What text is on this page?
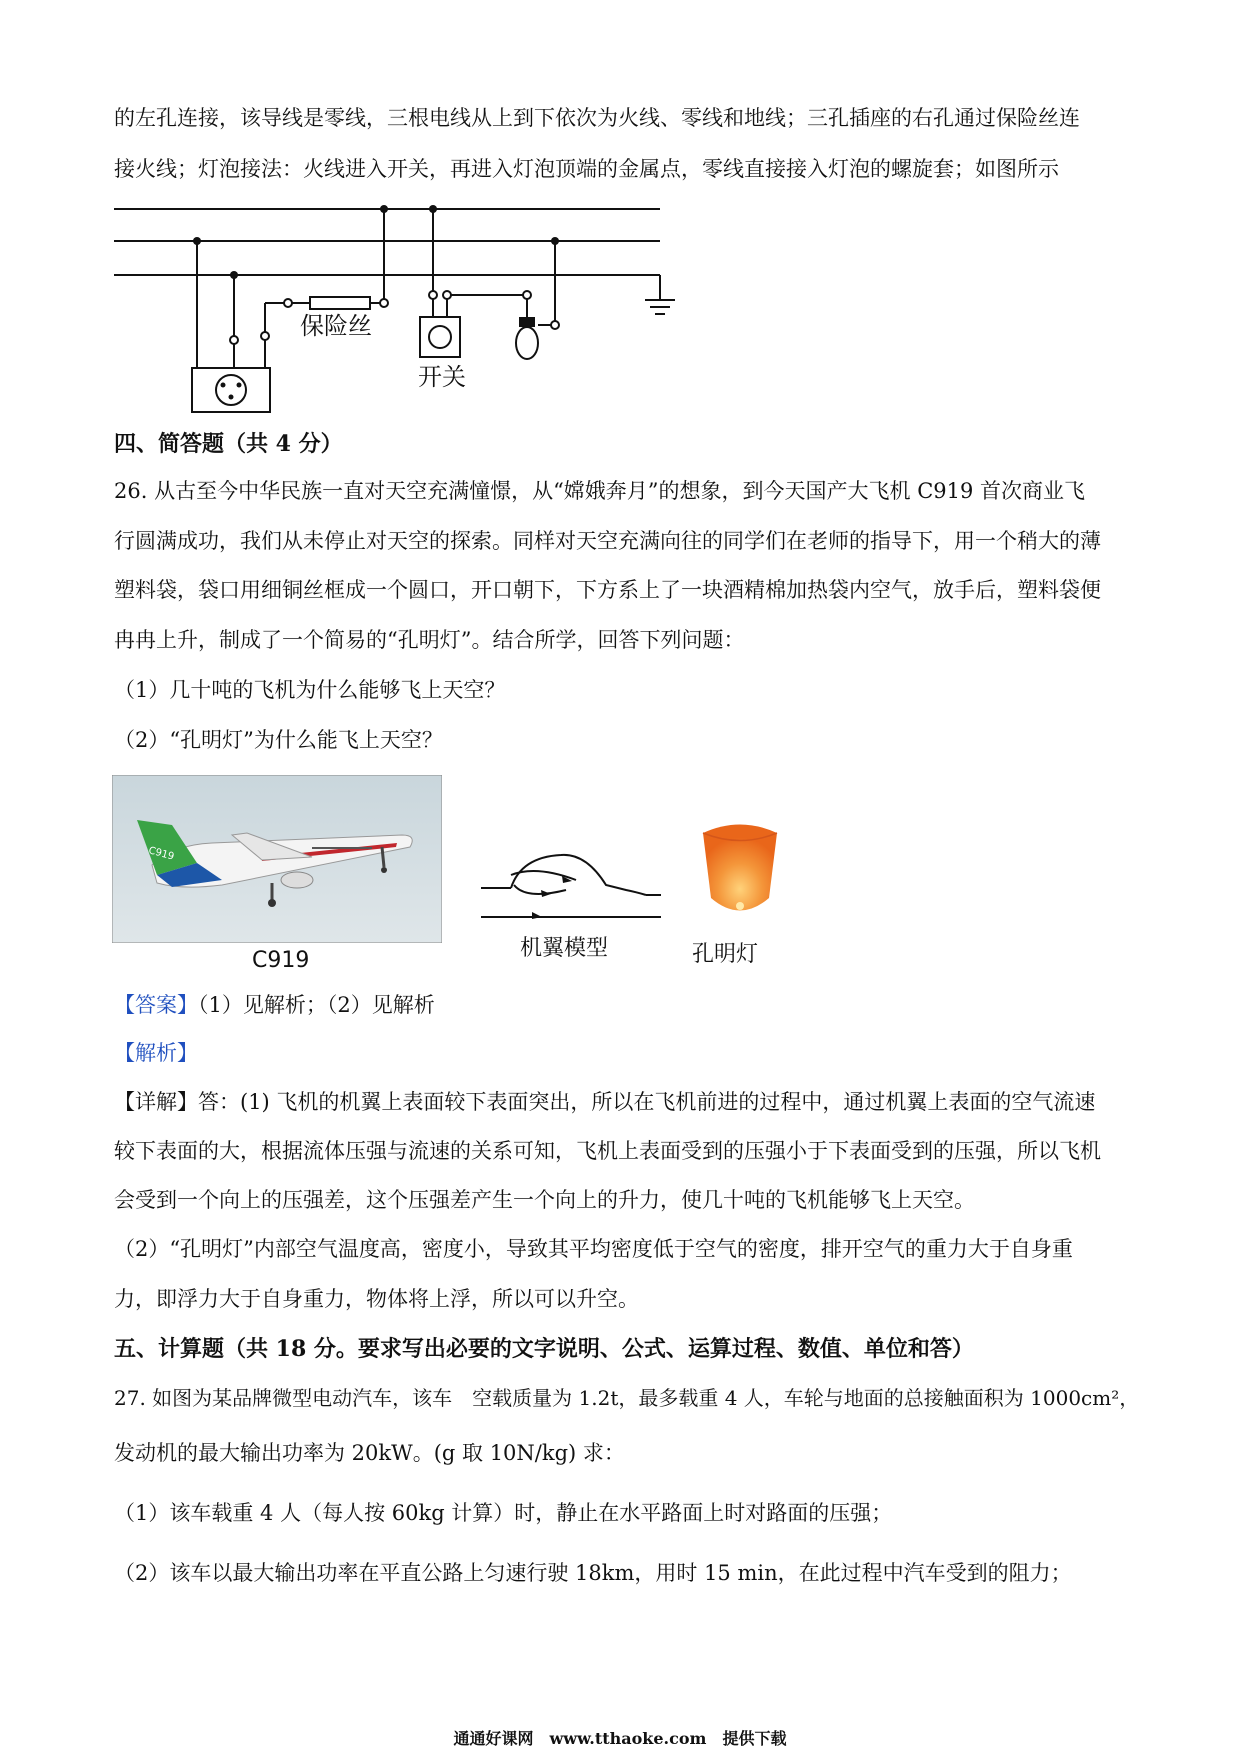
的左孔连接，该导线是零线，三根电线从上到下依次为火线、零线和地线；三孔插座的右孔通过保险丝连
接火线；灯泡接法：火线进入开关，再进入灯泡顶端的金属点，零线直接接入灯泡的螺旋套；如图所示
保险丝
开关
四、简答题（共 4 分）
26. 从古至今中华民族一直对天空充满憧憬，从“嫦娥奔月”的想象，到今天国产大飞机 C919 首次商业飞
行圆满成功，我们从未停止对天空的探索。同样对天空充满向往的同学们在老师的指导下，用一个稍大的薄
塑料袋，袋口用细铜丝框成一个圆口，开口朝下，下方系上了一块酒精棉加热袋内空气，放手后，塑料袋便
冉冉上升，制成了一个简易的“孔明灯”。结合所学，回答下列问题：
（1）几十吨的飞机为什么能够飞上天空？
（2）“孔明灯”为什么能飞上天空？
C919
C919	机翼模型	孔明灯
【答案】（1）见解析；（2）见解析
【解析】
【详解】答：(1) 飞机的机翼上表面较下表面突出，所以在飞机前进的过程中，通过机翼上表面的空气流速
较下表面的大，根据流体压强与流速的关系可知，飞机上表面受到的压强小于下表面受到的压强，所以飞机
会受到一个向上的压强差，这个压强差产生一个向上的升力，使几十吨的飞机能够飞上天空。
（2）“孔明灯”内部空气温度高，密度小，导致其平均密度低于空气的密度，排开空气的重力大于自身重
力，即浮力大于自身重力，物体将上浮，所以可以升空。
五、计算题（共 18 分。要求写出必要的文字说明、公式、运算过程、数值、单位和答）
27. 如图为某品牌微型电动汽车，该车　空载质量为 1.2t，最多载重 4 人，车轮与地面的总接触面积为 1000cm²，
发动机的最大输出功率为 20kW。(g 取 10N/kg) 求：
（1）该车载重 4 人（每人按 60kg 计算）时，静止在水平路面上时对路面的压强；
（2）该车以最大输出功率在平直公路上匀速行驶 18km，用时 15 min，在此过程中汽车受到的阻力；
通通好课网　www.tthaoke.com　提供下载
